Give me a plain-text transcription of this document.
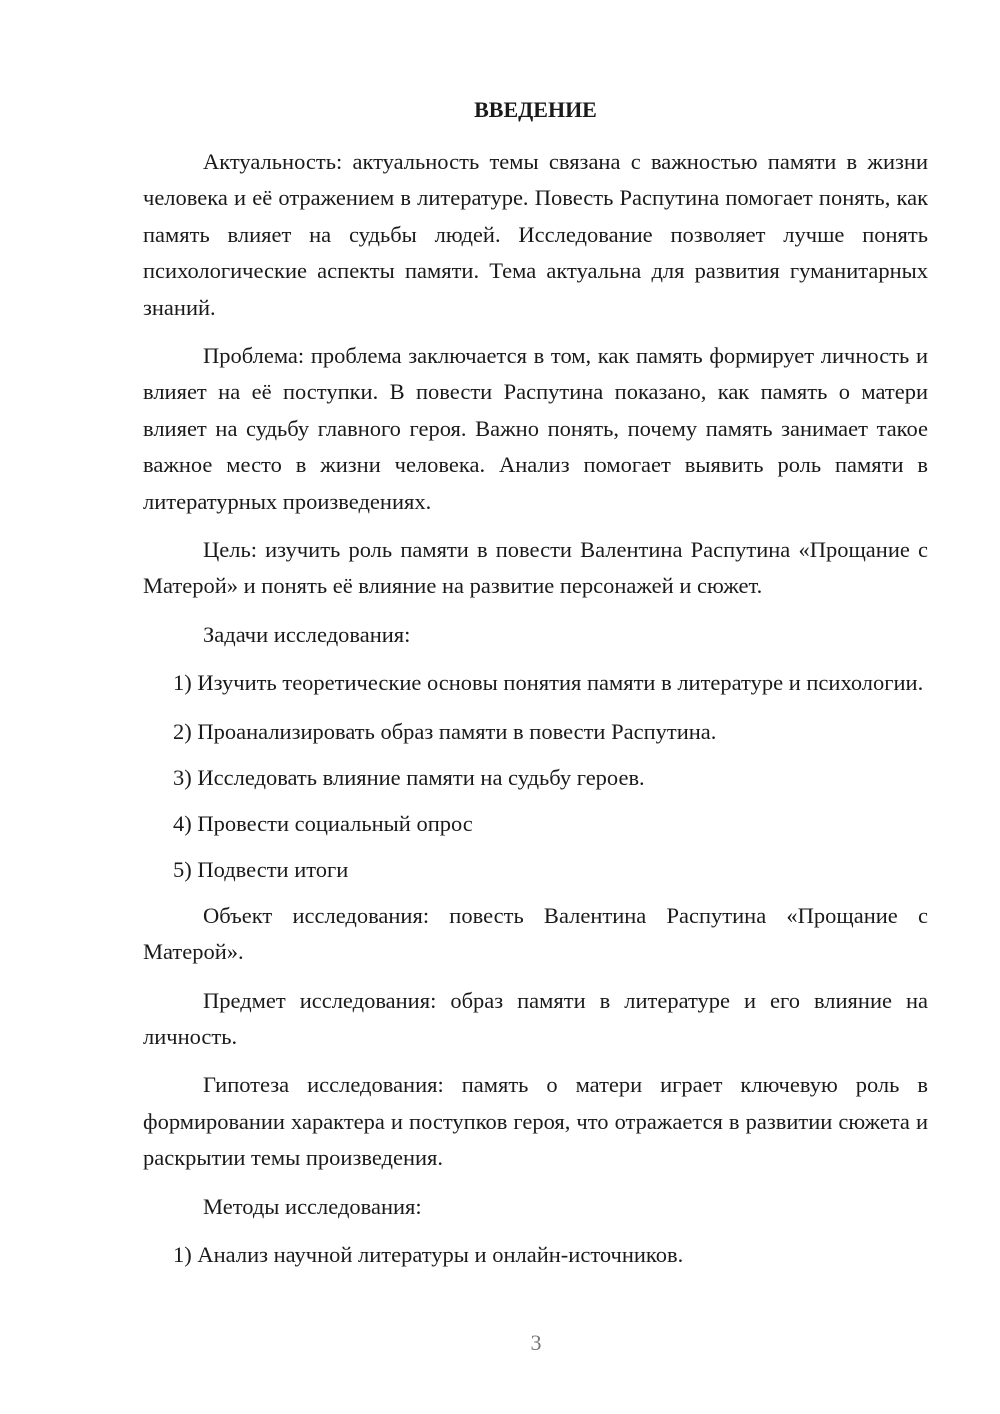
ВВЕДЕНИЕ

Актуальность: актуальность темы связана с важностью памяти в жизни человека и её отражением в литературе. Повесть Распутина помогает понять, как память влияет на судьбы людей. Исследование позволяет лучше понять психологические аспекты памяти. Тема актуальна для развития гуманитарных знаний.

Проблема: проблема заключается в том, как память формирует личность и влияет на её поступки. В повести Распутина показано, как память о матери влияет на судьбу главного героя. Важно понять, почему память занимает такое важное место в жизни человека. Анализ помогает выявить роль памяти в литературных произведениях.

Цель: изучить роль памяти в повести Валентина Распутина «Прощание с Матерой» и понять её влияние на развитие персонажей и сюжет.

Задачи исследования:

1) Изучить теоретические основы понятия памяти в литературе и психологии.

2) Проанализировать образ памяти в повести Распутина.

3) Исследовать влияние памяти на судьбу героев.

4) Провести социальный опрос

5) Подвести итоги

Объект исследования: повесть Валентина Распутина «Прощание с Матерой».

Предмет исследования: образ памяти в литературе и его влияние на личность.

Гипотеза исследования: память о матери играет ключевую роль в формировании характера и поступков героя, что отражается в развитии сюжета и раскрытии темы произведения.

Методы исследования:

1) Анализ научной литературы и онлайн-источников.

3
